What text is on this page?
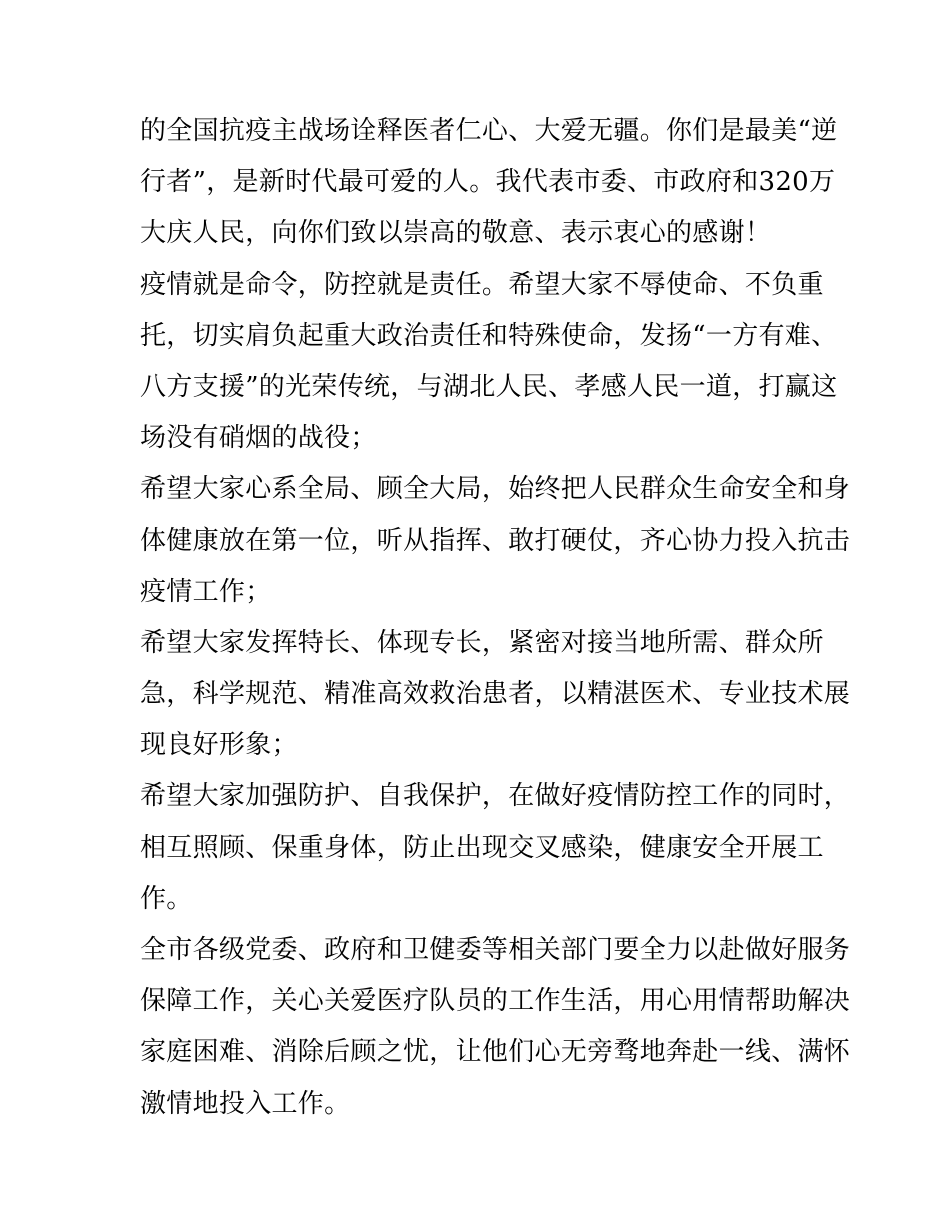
的全国抗疫主战场诠释医者仁心、大爱无疆。你们是最美“逆
行者”，是新时代最可爱的人。我代表市委、市政府和320万
大庆人民，向你们致以崇高的敬意、表示衷心的感谢！
疫情就是命令，防控就是责任。希望大家不辱使命、不负重
托，切实肩负起重大政治责任和特殊使命，发扬“一方有难、
八方支援”的光荣传统，与湖北人民、孝感人民一道，打赢这
场没有硝烟的战役；
希望大家心系全局、顾全大局，始终把人民群众生命安全和身
体健康放在第一位，听从指挥、敢打硬仗，齐心协力投入抗击
疫情工作；
希望大家发挥特长、体现专长，紧密对接当地所需、群众所
急，科学规范、精准高效救治患者，以精湛医术、专业技术展
现良好形象；
希望大家加强防护、自我保护，在做好疫情防控工作的同时，
相互照顾、保重身体，防止出现交叉感染，健康安全开展工
作。
全市各级党委、政府和卫健委等相关部门要全力以赴做好服务
保障工作，关心关爱医疗队员的工作生活，用心用情帮助解决
家庭困难、消除后顾之忧，让他们心无旁骛地奔赴一线、满怀
激情地投入工作。
